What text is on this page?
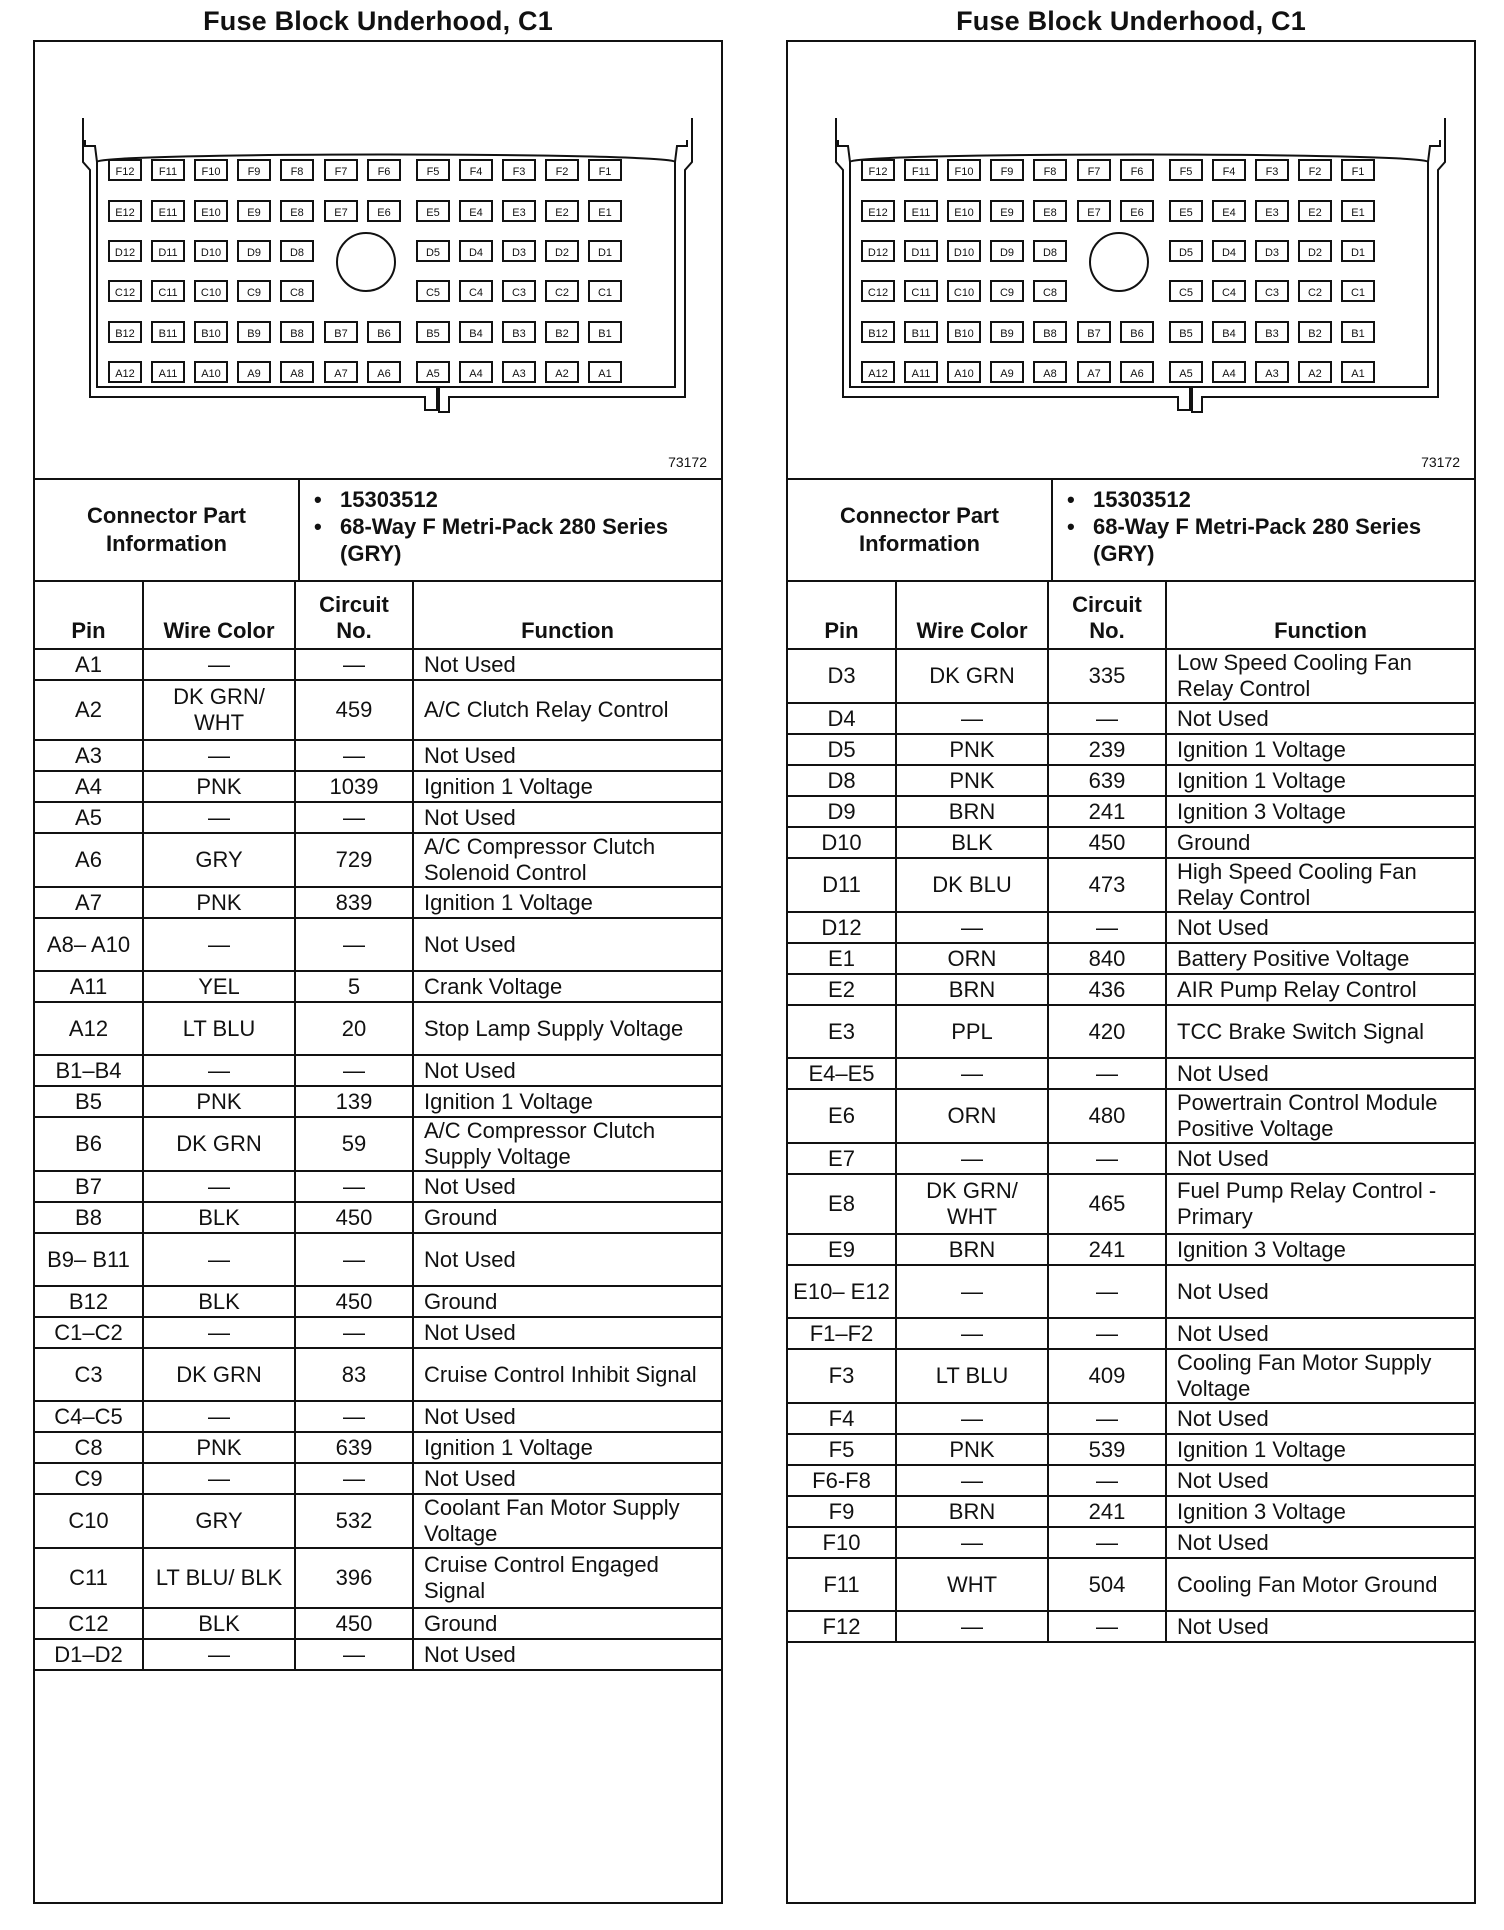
Fuse Block Underhood, C1
F12 F11 F10 F9	F8	F7	F6	F5	F4	F3	F2	F1
E12 E11 E10 E9	E8	E7	E6	E5	E4	E3	E2	E1
D12 D11 D10 D9	D8	D5	D4	D3	D2	D1
C12 C11 C10 C9	C8	C5	C4	C3	C2	C1
B12 B11 B10 B9	B8	B7	B6	B5	B4	B3	B2	B1
A12 A11 A10 A9	A8	A7	A6	A5	A4	A3	A2	A1
73172
Connector Part Information
• 15303512
• 68-Way F Metri-Pack 280 Series (GRY)
Pin	Wire Color	Circuit No.	Function
A1	—	—	Not Used
A2	DK GRN/ WHT	459	A/C Clutch Relay Control
A3	—	—	Not Used
A4	PNK	1039	Ignition 1 Voltage
A5	—	—	Not Used
A6	GRY	729	A/C Compressor Clutch Solenoid Control
A7	PNK	839	Ignition 1 Voltage
A8– A10	—	—	Not Used
A11	YEL	5	Crank Voltage
A12	LT BLU	20	Stop Lamp Supply Voltage
B1–B4	—	—	Not Used
B5	PNK	139	Ignition 1 Voltage
B6	DK GRN	59	A/C Compressor Clutch Supply Voltage
B7	—	—	Not Used
B8	BLK	450	Ground
B9– B11	—	—	Not Used
B12	BLK	450	Ground
C1–C2	—	—	Not Used
C3	DK GRN	83	Cruise Control Inhibit Signal
C4–C5	—	—	Not Used
C8	PNK	639	Ignition 1 Voltage
C9	—	—	Not Used
C10	GRY	532	Coolant Fan Motor Supply Voltage
C11	LT BLU/ BLK	396	Cruise Control Engaged Signal
C12	BLK	450	Ground
D1–D2	—	—	Not Used
Fuse Block Underhood, C1
F12 F11 F10 F9	F8	F7	F6	F5	F4	F3	F2	F1
E12 E11 E10 E9	E8	E7	E6	E5	E4	E3	E2	E1
D12 D11 D10 D9	D8	D5	D4	D3	D2	D1
C12 C11 C10 C9	C8	C5	C4	C3	C2	C1
B12 B11 B10 B9	B8	B7	B6	B5	B4	B3	B2	B1
A12 A11 A10 A9	A8	A7	A6	A5	A4	A3	A2	A1
73172
Connector Part Information
• 15303512
• 68-Way F Metri-Pack 280 Series (GRY)
Pin	Wire Color	Circuit No.	Function
D3	DK GRN	335	Low Speed Cooling Fan Relay Control
D4	—	—	Not Used
D5	PNK	239	Ignition 1 Voltage
D8	PNK	639	Ignition 1 Voltage
D9	BRN	241	Ignition 3 Voltage
D10	BLK	450	Ground
D11	DK BLU	473	High Speed Cooling Fan Relay Control
D12	—	—	Not Used
E1	ORN	840	Battery Positive Voltage
E2	BRN	436	AIR Pump Relay Control
E3	PPL	420	TCC Brake Switch Signal
E4–E5	—	—	Not Used
E6	ORN	480	Powertrain Control Module Positive Voltage
E7	—	—	Not Used
E8	DK GRN/ WHT	465	Fuel Pump Relay Control -Primary
E9	BRN	241	Ignition 3 Voltage
E10– E12	—	—	Not Used
F1–F2	—	—	Not Used
F3	LT BLU	409	Cooling Fan Motor Supply Voltage
F4	—	—	Not Used
F5	PNK	539	Ignition 1 Voltage
F6-F8	—	—	Not Used
F9	BRN	241	Ignition 3 Voltage
F10	—	—	Not Used
F11	WHT	504	Cooling Fan Motor Ground
F12	—	—	Not Used
